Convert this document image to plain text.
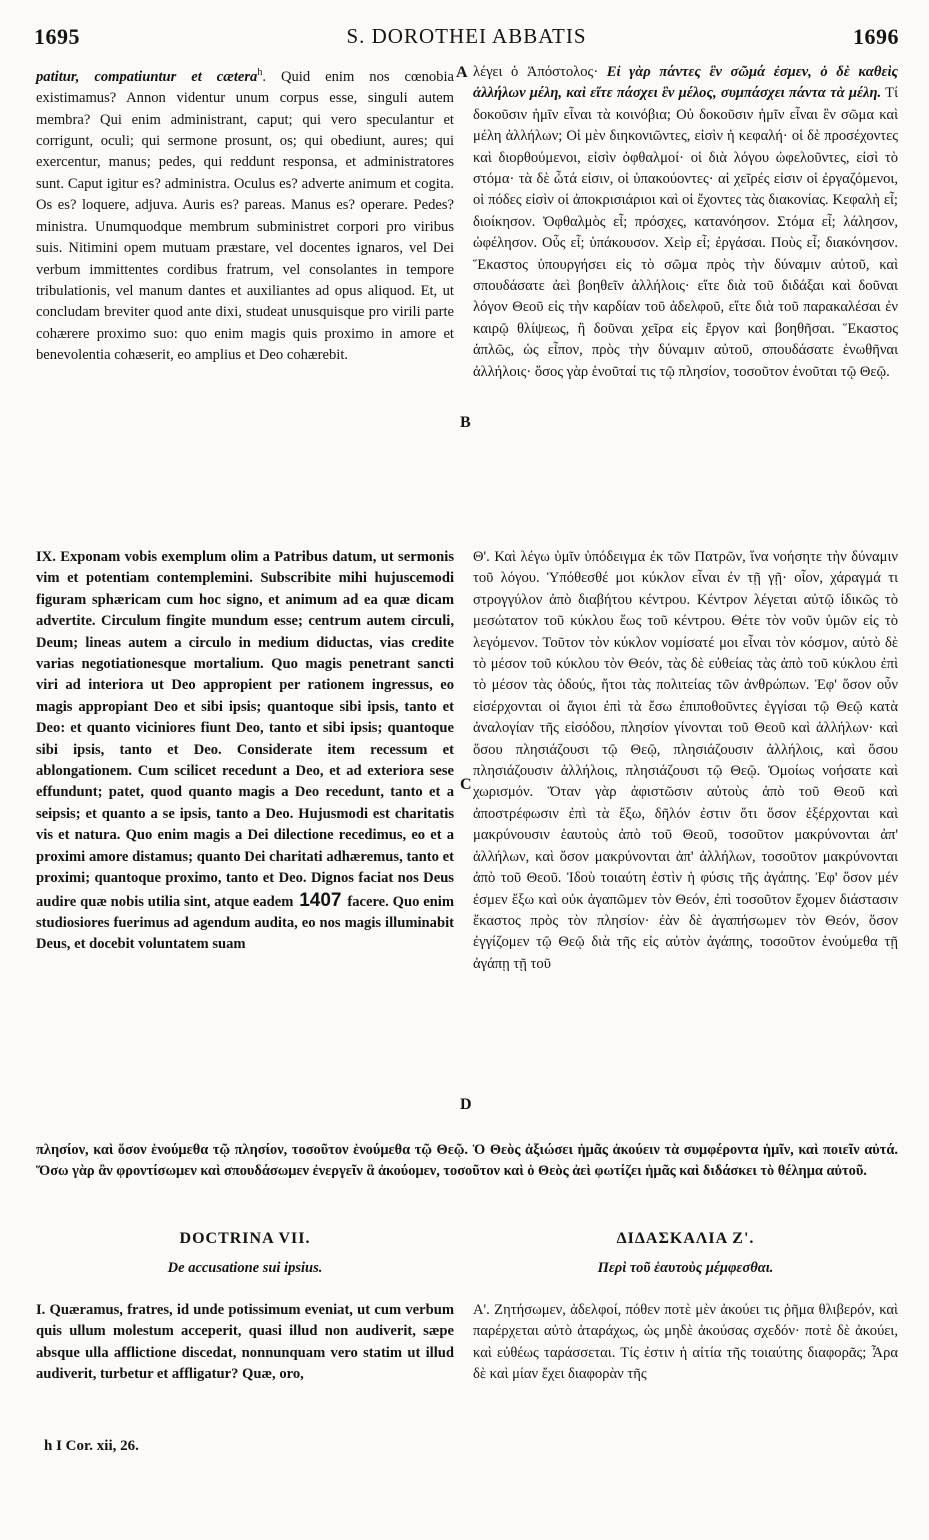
S. DOROTHEI ABBATIS
1695	1696

patitur, compatiuntur et cætera$^h$. Quid enim nos cœnobia existimamus? Annon videntur unum corpus esse, singuli autem membra? Qui enim administrant, caput; qui vero speculantur et corrigunt, oculi; qui sermone prosunt, os; qui obediunt, aures; qui exercentur, manus; pedes, qui reddunt responsa, et administratores sunt. Caput igitur es? administra. Oculus es? adverte animum et cogita. Os es? loquere, adjuva. Auris es? pareas. Manus es? operare. Pedes? ministra. Unumquodque membrum subministret corpori pro viribus suis. Nitimini opem mutuam præstare, vel docentes ignaros, vel Dei verbum immittentes cordibus fratrum, vel consolantes in tempore tribulationis, vel manum dantes et auxiliantes ad opus aliquod. Et, ut concludam breviter quod ante dixi, studeat unusquisque pro virili parte cohærere proximo suo: quo enim magis quis proximo in amore et benevolentia cohæserit, eo amplius et Deo cohærebit.

λέγει ὁ Ἀπόστολος· Εἰ γὰρ πάντες ἓν σῶμά ἐσμεν, ὁ δὲ καθεὶς ἀλλήλων μέλη, καὶ εἴτε πάσχει ἓν μέλος, συμπάσχει πάντα τὰ μέλη. Τί δοκοῦσιν ἡμῖν εἶναι τὰ κοινόβια; Οὐ δοκοῦσιν ἡμῖν εἶναι ἓν σῶμα καὶ μέλη ἀλλήλων; Οἱ μὲν διηκονιῶντες, εἰσὶν ἡ κεφαλή· οἱ δὲ προσέχοντες καὶ διορθούμενοι, εἰσὶν ὀφθαλμοί· οἱ διὰ λόγου ὠφελοῦντες, εἰσὶ τὸ στόμα· τὰ δὲ ὦτά εἰσιν, οἱ ὑπακούοντες· αἱ χεῖρές εἰσιν οἱ ἐργαζόμενοι, οἱ πόδες εἰσὶν οἱ ἀποκρισιάριοι καὶ οἱ ἔχοντες τὰς διακονίας. Κεφαλὴ εἶ; διοίκησον. Ὀφθαλμὸς εἶ; πρόσχες, κατανόησον. Στόμα εἶ; λάλησον, ὠφέλησον. Οὖς εἶ; ὑπάκουσον. Χεὶρ εἶ; ἐργάσαι. Ποὺς εἶ; διακόνησον. Ἕκαστος ὑπουργήσει εἰς τὸ σῶμα πρὸς τὴν δύναμιν αὐτοῦ, καὶ σπουδάσατε ἀεὶ βοηθεῖν ἀλλήλοις· εἴτε διὰ τοῦ διδάξαι καὶ δοῦναι λόγον Θεοῦ εἰς τὴν καρδίαν τοῦ ἀδελφοῦ, εἴτε διὰ τοῦ παρακαλέσαι ἐν καιρῷ θλίψεως, ἢ δοῦναι χεῖρα εἰς ἔργον καὶ βοηθῆσαι. Ἕκαστος ἁπλῶς, ὡς εἶπον, πρὸς τὴν δύναμιν αὐτοῦ, σπουδάσατε ἑνωθῆναι ἀλλήλοις· ὅσος γὰρ ἑνοῦταί τις τῷ πλησίον, τοσοῦτον ἑνοῦται τῷ Θεῷ.

IX. Exponam vobis exemplum olim a Patribus datum, ut sermonis vim et potentiam contemplemini. Subscribite mihi hujuscemodi figuram sphæricam cum hoc signo, et animum ad ea quæ dicam advertite. Circulum fingite mundum esse; centrum autem circuli, Deum; lineas autem a circulo in medium diductas, vias credite varias negotiationesque mortalium. Quo magis penetrant sancti viri ad interiora ut Deo appropient per rationem ingressus, eo magis appropiant Deo et sibi ipsis; quantoque sibi ipsis, tanto et Deo: et quanto viciniores fiunt Deo, tanto et sibi ipsis; quantoque sibi ipsis, tanto et Deo. Considerate item recessum et ablongationem. Cum scilicet recedunt a Deo, et ad exteriora sese effundunt; patet, quod quanto magis a Deo recedunt, tanto et a seipsis; et quanto a se ipsis, tanto a Deo. Hujusmodi est charitatis vis et natura. Quo enim magis a Dei dilectione recedimus, eo et a proximi amore distamus; quanto Dei charitati adhæremus, tanto et proximi; quantoque proximo, tanto et Deo. Dignos faciat nos Deus audire quæ nobis utilia sint, atque eadem 1407 facere. Quo enim studiosiores fuerimus ad agendum audita, eo nos magis illuminabit Deus, et docebit voluntatem suam

Θ'. Καὶ λέγω ὑμῖν ὑπόδειγμα ἐκ τῶν Πατρῶν, ἵνα νοήσητε τὴν δύναμιν τοῦ λόγου. Ὑπόθεσθέ μοι κύκλον εἶναι ἐν τῇ γῇ· οἷον, χάραγμά τι στρογγύλον ἀπὸ διαβήτου κέντρου. Κέντρον λέγεται αὐτῷ ἰδικῶς τὸ μεσώτατον τοῦ κύκλου ἕως τοῦ κέντρου. Θέτε τὸν νοῦν ὑμῶν εἰς τὸ λεγόμενον. Τοῦτον τὸν κύκλον νομίσατέ μοι εἶναι τὸν κόσμον, αὐτὸ δὲ τὸ μέσον τοῦ κύκλου τὸν Θεόν, τὰς δὲ εὐθείας τὰς ἀπὸ τοῦ κύκλου ἐπὶ τὸ μέσον τὰς ὁδούς, ἤτοι τὰς πολιτείας τῶν ἀνθρώπων. Ἐφ' ὅσον οὖν εἰσέρχονται οἱ ἅγιοι ἐπὶ τὰ ἔσω ἐπιποθοῦντες ἐγγίσαι τῷ Θεῷ κατὰ ἀναλογίαν τῆς εἰσόδου, πλησίον γίνονται τοῦ Θεοῦ καὶ ἀλλήλων· καὶ ὅσου πλησιάζουσι τῷ Θεῷ, πλησιάζουσιν ἀλλήλοις, καὶ ὅσου πλησιάζουσιν ἀλλήλοις, πλησιάζουσι τῷ Θεῷ. Ὁμοίως νοήσατε καὶ χωρισμόν. Ὅταν γὰρ ἀφιστῶσιν αὐτοὺς ἀπὸ τοῦ Θεοῦ καὶ ἀποστρέφωσιν ἐπὶ τὰ ἔξω, δῆλόν ἐστιν ὅτι ὅσον ἐξέρχονται καὶ μακρύνουσιν ἑαυτοὺς ἀπὸ τοῦ Θεοῦ, τοσοῦτον μακρύνονται ἀπ' ἀλλήλων, καὶ ὅσον μακρύνονται ἀπ' ἀλλήλων, τοσοῦτον μακρύνονται ἀπὸ τοῦ Θεοῦ. Ἰδοὺ τοιαύτη ἐστὶν ἡ φύσις τῆς ἀγάπης. Ἐφ' ὅσον μέν ἐσμεν ἔξω καὶ οὐκ ἀγαπῶμεν τὸν Θεόν, ἐπὶ τοσοῦτον ἔχομεν διάστασιν ἕκαστος πρὸς τὸν πλησίον· ἐὰν δὲ ἀγαπήσωμεν τὸν Θεόν, ὅσον ἐγγίζομεν τῷ Θεῷ διὰ τῆς εἰς αὐτὸν ἀγάπης, τοσοῦτον ἑνούμεθα τῇ ἀγάπῃ τῇ τοῦ

πλησίον, καὶ ὅσον ἑνούμεθα τῷ πλησίον, τοσοῦτον ἑνούμεθα τῷ Θεῷ. Ὁ Θεὸς ἀξιώσει ἡμᾶς ἀκούειν τὰ συμφέροντα ἡμῖν, καὶ ποιεῖν αὐτά. Ὅσω γὰρ ἂν φροντίσωμεν καὶ σπουδάσωμεν ἐνεργεῖν ἃ ἀκούομεν, τοσοῦτον καὶ ὁ Θεὸς ἀεὶ φωτίζει ἡμᾶς καὶ διδάσκει τὸ θέλημα αὐτοῦ.
DOCTRINA VII.
De accusatione sui ipsius.
ΔΙΔΑΣΚΑΛΙΑ Ζ'.
Περὶ τοῦ ἑαυτοὺς μέμφεσθαι.

I. Quæramus, fratres, id unde potissimum eveniat, ut cum verbum quis ullum molestum acceperit, quasi illud non audiverit, sæpe absque ulla afflictione discedat, nonnunquam vero statim ut illud audiverit, turbetur et affligatur? Quæ, oro,

Α'. Ζητήσωμεν, ἀδελφοί, πόθεν ποτὲ μὲν ἀκούει τις ῥῆμα θλιβερόν, καὶ παρέρχεται αὐτὸ ἀταράχως, ὡς μηδὲ ἀκούσας σχεδόν· ποτὲ δὲ ἀκούει, καὶ εὐθέως ταράσσεται. Τίς ἐστιν ἡ αἰτία τῆς τοιαύτης διαφορᾶς; Ἆρα δὲ καὶ μίαν ἔχει διαφορὰν τῆς

A
B
C
D
h I Cor. xii, 26.
